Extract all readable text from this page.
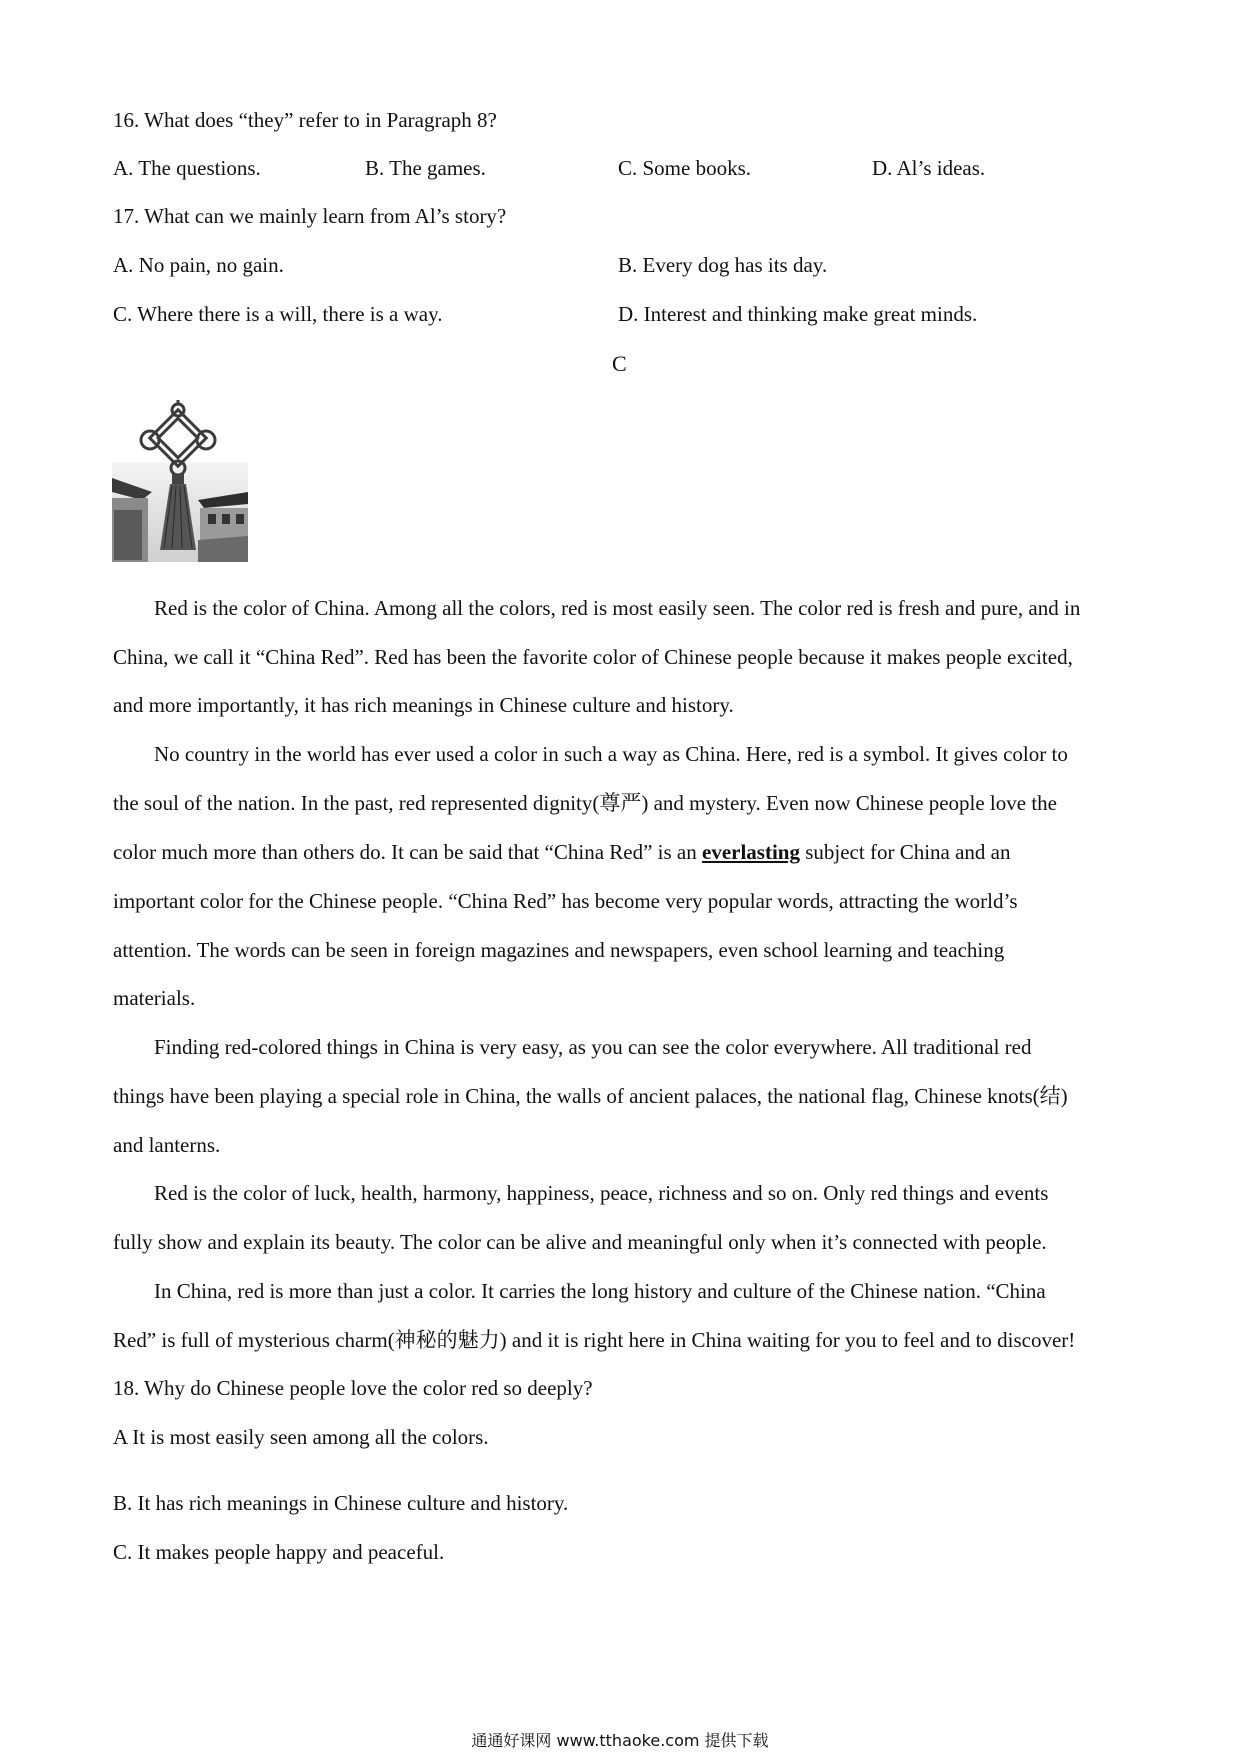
16. What does “they” refer to in Paragraph 8?
A. The questions.	B. The games.	C. Some books.	D. Al’s ideas.
17. What can we mainly learn from Al’s story?
A. No pain, no gain.	B. Every dog has its day.
C. Where there is a will, there is a way.	D. Interest and thinking make great minds.
C
Red is the color of China. Among all the colors, red is most easily seen. The color red is fresh and pure, and in
China, we call it “China Red”. Red has been the favorite color of Chinese people because it makes people excited,
and more importantly, it has rich meanings in Chinese culture and history.
No country in the world has ever used a color in such a way as China. Here, red is a symbol. It gives color to
the soul of the nation. In the past, red represented dignity(尊严) and mystery. Even now Chinese people love the
color much more than others do. It can be said that “China Red” is an everlasting subject for China and an
important color for the Chinese people. “China Red” has become very popular words, attracting the world’s
attention. The words can be seen in foreign magazines and newspapers, even school learning and teaching
materials.
Finding red-colored things in China is very easy, as you can see the color everywhere. All traditional red
things have been playing a special role in China, the walls of ancient palaces, the national flag, Chinese knots(结)
and lanterns.
Red is the color of luck, health, harmony, happiness, peace, richness and so on. Only red things and events
fully show and explain its beauty. The color can be alive and meaningful only when it’s connected with people.
In China, red is more than just a color. It carries the long history and culture of the Chinese nation. “China
Red” is full of mysterious charm(神秘的魅力) and it is right here in China waiting for you to feel and to discover!
18. Why do Chinese people love the color red so deeply?
A It is most easily seen among all the colors.
B. It has rich meanings in Chinese culture and history.
C. It makes people happy and peaceful.
通通好课网 www.tthaoke.com 提供下载
